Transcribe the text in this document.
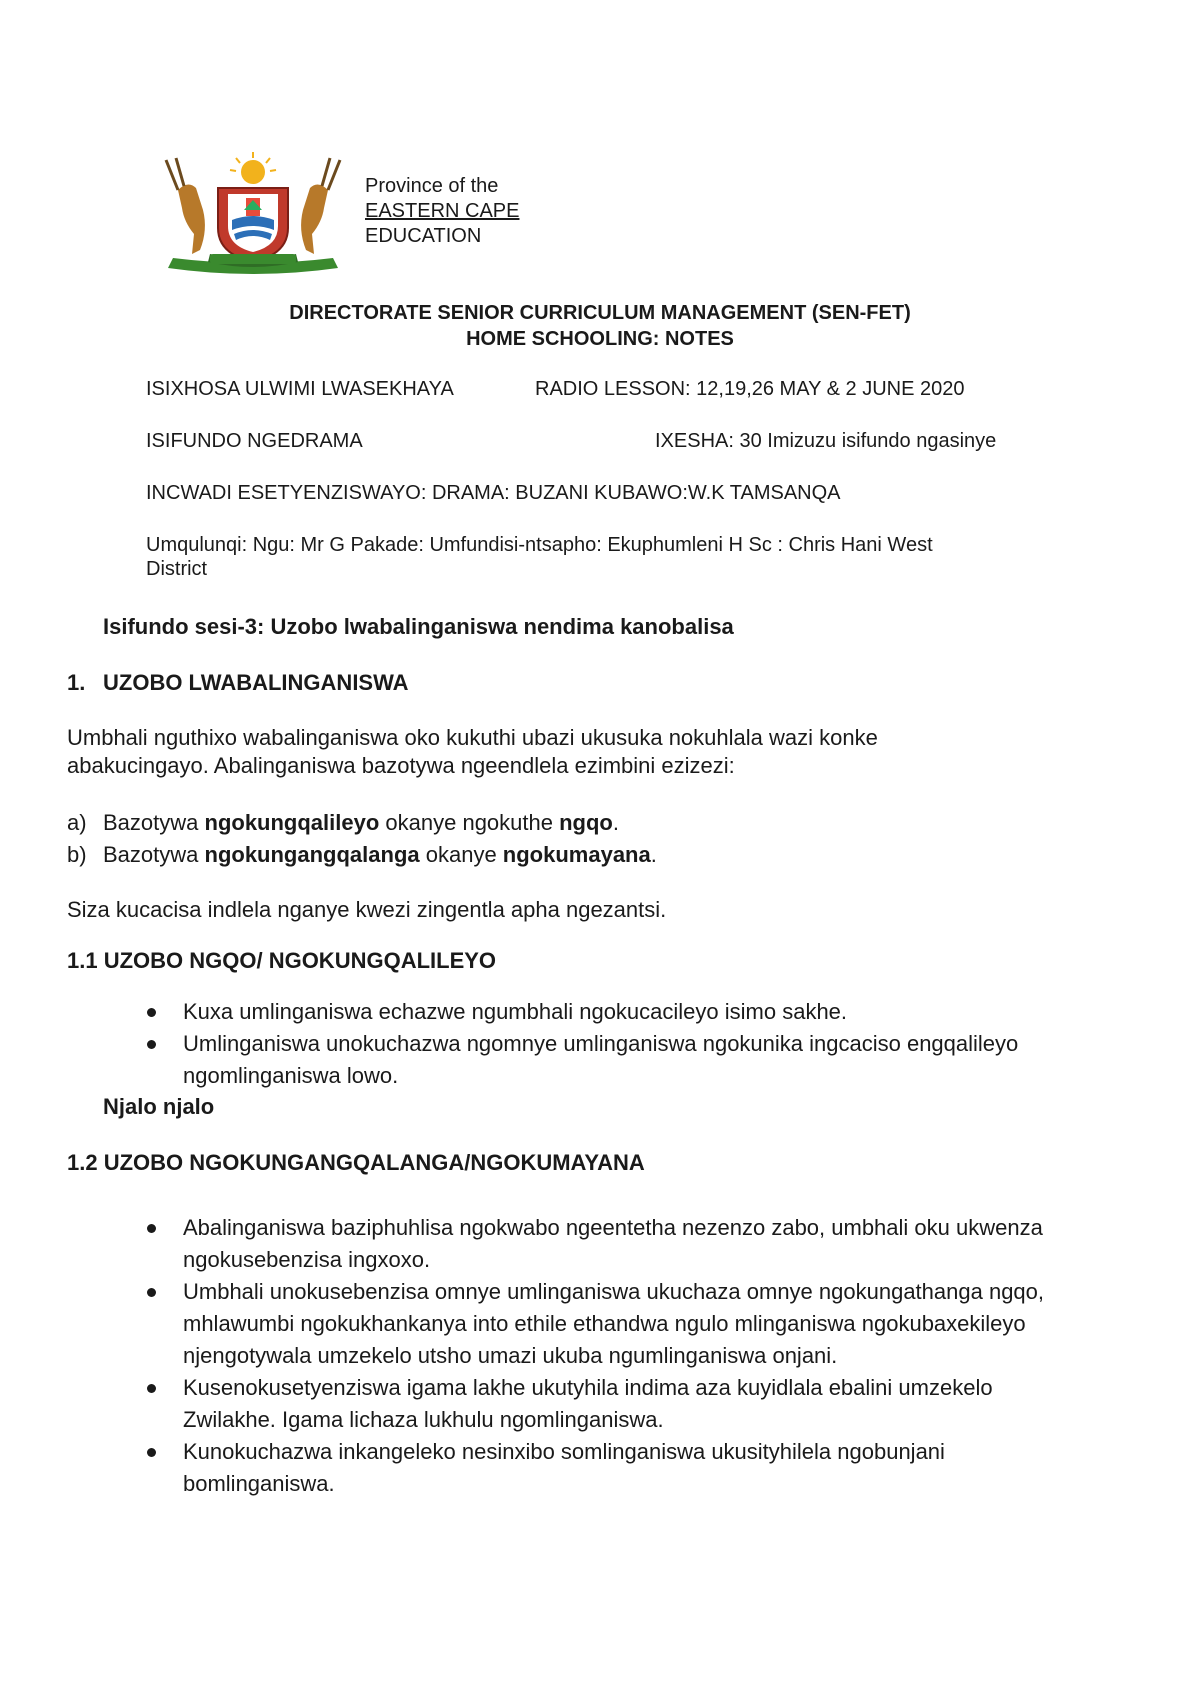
Province of the
EASTERN CAPE
EDUCATION
DIRECTORATE SENIOR CURRICULUM MANAGEMENT (SEN-FET)
HOME SCHOOLING: NOTES
ISIXHOSA ULWIMI LWASEKHAYA	RADIO LESSON: 12,19,26 MAY & 2 JUNE 2020
ISIFUNDO NGEDRAMA	IXESHA: 30 Imizuzu isifundo ngasinye
INCWADI ESETYENZISWAYO: DRAMA: BUZANI KUBAWO:W.K TAMSANQA
Umqulunqi: Ngu: Mr G Pakade: Umfundisi-ntsapho: Ekuphumleni H Sc : Chris Hani West
District
Isifundo sesi-3: Uzobo lwabalinganiswa nendima kanobalisa
1. UZOBO LWABALINGANISWA
Umbhali nguthixo wabalinganiswa oko kukuthi ubazi ukusuka nokuhlala wazi konke
abakucingayo. Abalinganiswa bazotywa ngeendlela ezimbini ezizezi:
a) Bazotywa ngokungqalileyo okanye ngokuthe ngqo.
b) Bazotywa ngokungangqalanga okanye ngokumayana.
Siza kucacisa indlela nganye kwezi zingentla apha ngezantsi.
1.1 UZOBO NGQO/ NGOKUNGQALILEYO
Kuxa umlinganiswa echazwe ngumbhali ngokucacileyo isimo sakhe.
Umlinganiswa unokuchazwa ngomnye umlinganiswa ngokunika ingcaciso engqalileyo ngomlinganiswa lowo.
Njalo njalo
1.2 UZOBO NGOKUNGANGQALANGA/NGOKUMAYANA
Abalinganiswa baziphuhlisa ngokwabo ngeentetha nezenzo zabo, umbhali oku ukwenza ngokusebenzisa ingxoxo.
Umbhali unokusebenzisa omnye umlinganiswa ukuchaza omnye ngokungathanga ngqo, mhlawumbi ngokukhankanya into ethile ethandwa ngulo mlinganiswa ngokubaxekileyo njengotywala umzekelo utsho umazi ukuba ngumlinganiswa onjani.
Kusenokusetyenziswa igama lakhe ukutyhila indima aza kuyidlala ebalini umzekelo Zwilakhe. Igama lichaza lukhulu ngomlinganiswa.
Kunokuchazwa inkangeleko nesinxibo somlinganiswa ukusityhilela ngobunjani bomlinganiswa.
